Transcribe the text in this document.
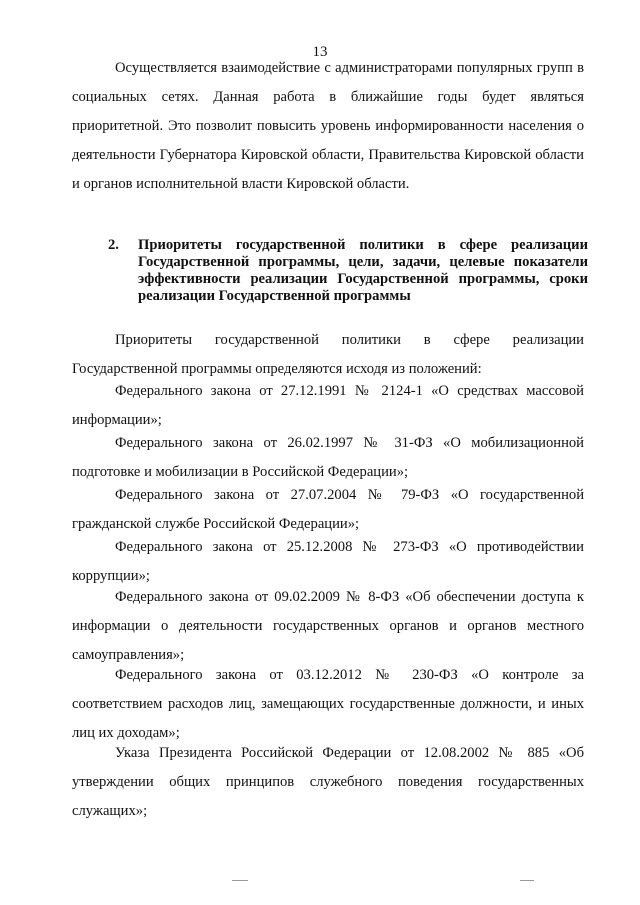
13
Осуществляется взаимодействие с администраторами популярных групп в социальных сетях. Данная работа в ближайшие годы будет являться приоритетной. Это позволит повысить уровень информированности населения о деятельности Губернатора Кировской области, Правительства Кировской области и органов исполнительной власти Кировской области.
2. Приоритеты государственной политики в сфере реализации Государственной программы, цели, задачи, целевые показатели эффективности реализации Государственной программы, сроки реализации Государственной программы
Приоритеты государственной политики в сфере реализации Государственной программы определяются исходя из положений:
Федерального закона от 27.12.1991 № 2124-1 «О средствах массовой информации»;
Федерального закона от 26.02.1997 № 31-ФЗ «О мобилизационной подготовке и мобилизации в Российской Федерации»;
Федерального закона от 27.07.2004 № 79-ФЗ «О государственной гражданской службе Российской Федерации»;
Федерального закона от 25.12.2008 № 273-ФЗ «О противодействии коррупции»;
Федерального закона от 09.02.2009 № 8-ФЗ «Об обеспечении доступа к информации о деятельности государственных органов и органов местного самоуправления»;
Федерального закона от 03.12.2012 № 230-ФЗ «О контроле за соответствием расходов лиц, замещающих государственные должности, и иных лиц их доходам»;
Указа Президента Российской Федерации от 12.08.2002 № 885 «Об утверждении общих принципов служебного поведения государственных служащих»;
